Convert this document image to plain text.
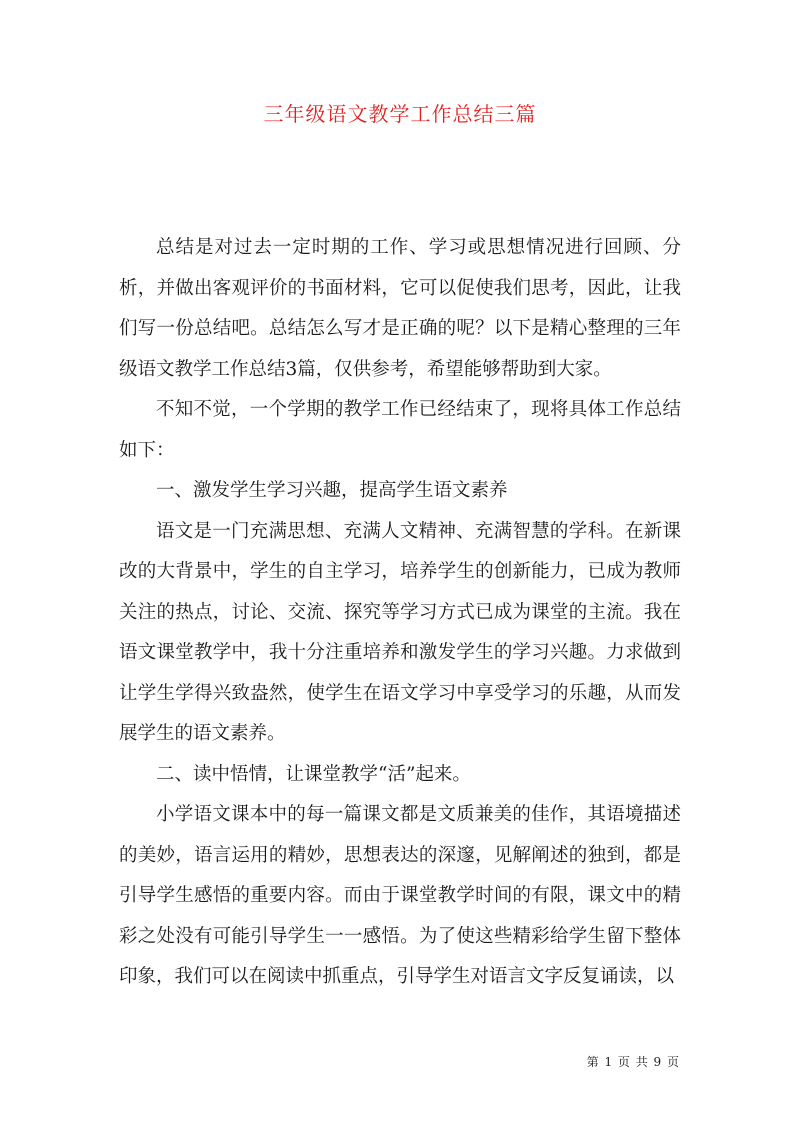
三年级语文教学工作总结三篇

总结是对过去一定时期的工作、学习或思想情况进行回顾、分析，并做出客观评价的书面材料，它可以促使我们思考，因此，让我们写一份总结吧。总结怎么写才是正确的呢？以下是精心整理的三年级语文教学工作总结3篇，仅供参考，希望能够帮助到大家。

不知不觉，一个学期的教学工作已经结束了，现将具体工作总结如下：

一、激发学生学习兴趣，提高学生语文素养

语文是一门充满思想、充满人文精神、充满智慧的学科。在新课改的大背景中，学生的自主学习，培养学生的创新能力，已成为教师关注的热点，讨论、交流、探究等学习方式已成为课堂的主流。我在语文课堂教学中，我十分注重培养和激发学生的学习兴趣。力求做到让学生学得兴致盎然，使学生在语文学习中享受学习的乐趣，从而发展学生的语文素养。

二、读中悟情，让课堂教学“活”起来。

小学语文课本中的每一篇课文都是文质兼美的佳作，其语境描述的美妙，语言运用的精妙，思想表达的深邃，见解阐述的独到，都是引导学生感悟的重要内容。而由于课堂教学时间的有限，课文中的精彩之处没有可能引导学生一一感悟。为了使这些精彩给学生留下整体印象，我们可以在阅读中抓重点，引导学生对语言文字反复诵读，以

第 1 页 共 9 页
